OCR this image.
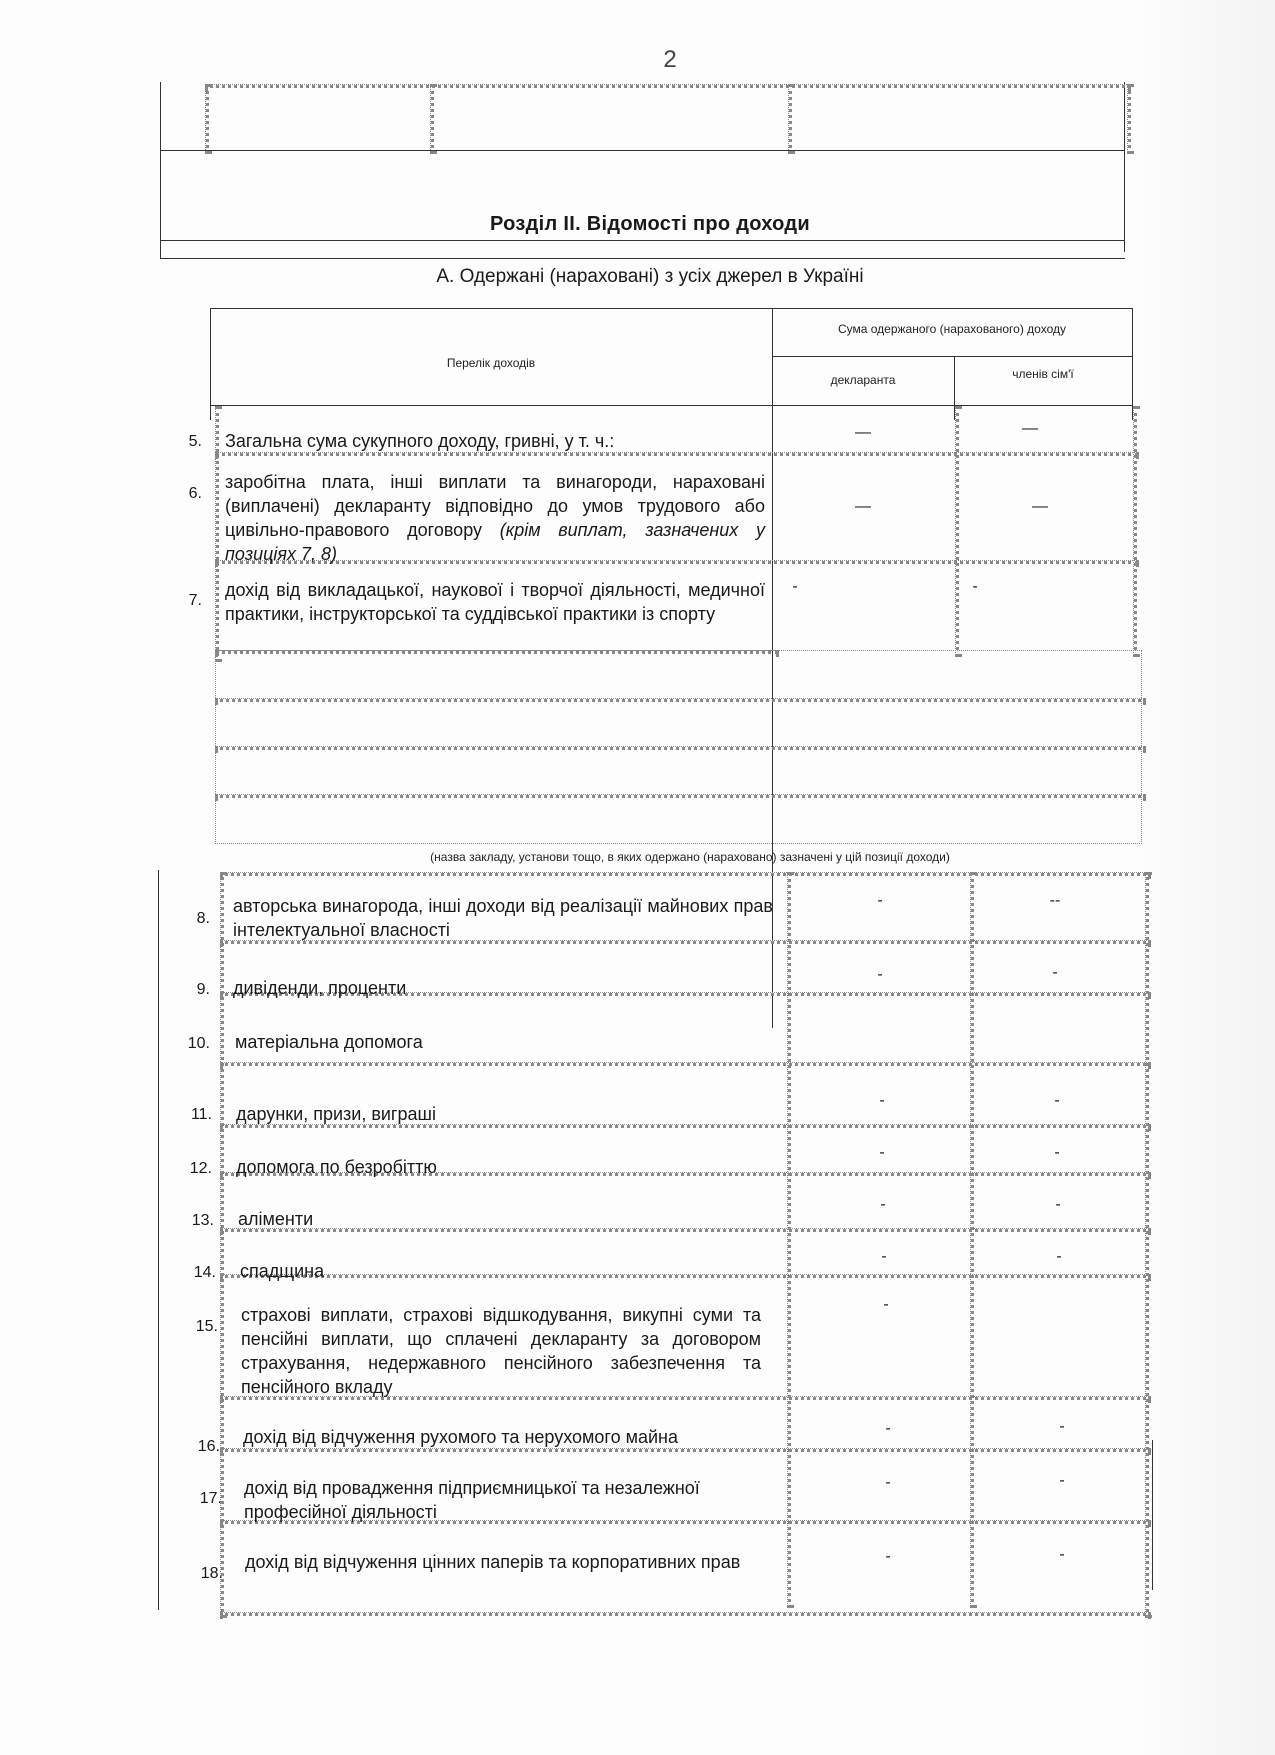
2
Розділ ІІ. Відомості про доходи
А. Одержані (нараховані) з усіх джерел в Україні
Перелік доходів
Сума одержаного (нарахованого) доходу
декларанта	членів сім'ї
5. Загальна сума сукупного доходу, гривні, у т. ч.:	—	—
6.
заробітна плата, інші виплати та винагороди, нараховані (виплачені) декларанту відповідно до умов трудового або цивільно-правового договору (крім виплат, зазначених у позиціях 7, 8)
—	—
7.
дохід від викладацької, наукової і творчої діяльності, медичної практики, інструкторської та суддівської практики із спорту
-	-
(назва закладу, установи тощо, в яких одержано (нараховано) зазначені у цій позиції доходи)
8.
авторська винагорода, інші доходи від реалізації майнових прав інтелектуальної власності
-	--
9. дивіденди, проценти
-	-
10. матеріальна допомога
11. дарунки, призи, виграші
-	-
12. допомога по безробіттю
-	-
13. аліменти
-	-
14. спадщина
-	-
15.
страхові виплати, страхові відшкодування, викупні суми та пенсійні виплати, що сплачені декларанту за договором страхування, недержавного пенсійного забезпечення та пенсійного вкладу
-
16. дохід від відчуження рухомого та нерухомого майна	-	-
17.
дохід від провадження підприємницької та незалежної професійної діяльності
-	-
18.
дохід від відчуження цінних паперів та корпоративних прав	-	-
